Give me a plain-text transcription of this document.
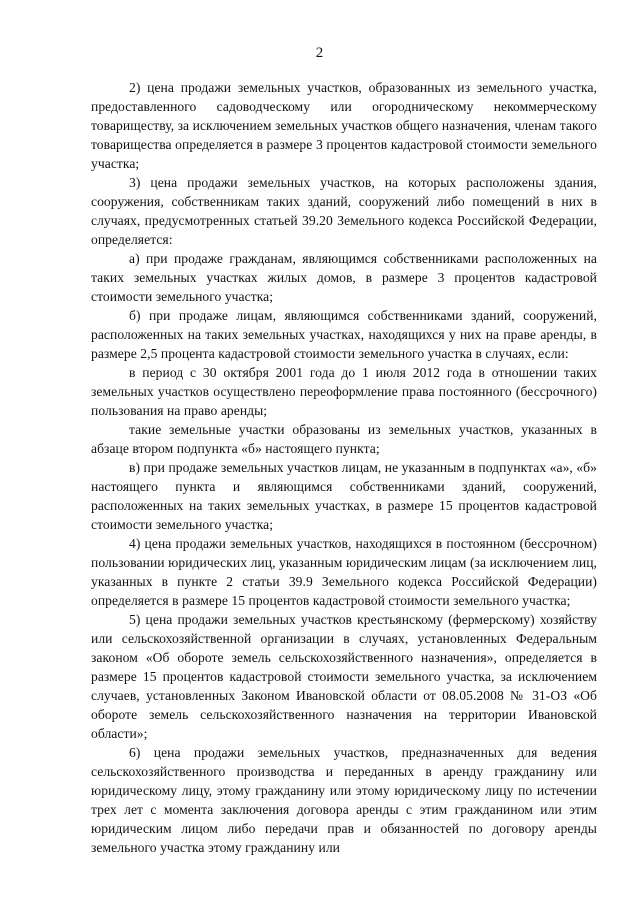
2

2) цена продажи земельных участков, образованных из земельного участка, предоставленного садоводческому или огородническому некоммерческому товариществу, за исключением земельных участков общего назначения, членам такого товарищества определяется в размере 3 процентов кадастровой стоимости земельного участка;

3) цена продажи земельных участков, на которых расположены здания, сооружения, собственникам таких зданий, сооружений либо помещений в них в случаях, предусмотренных статьей 39.20 Земельного кодекса Российской Федерации, определяется:

а) при продаже гражданам, являющимся собственниками расположенных на таких земельных участках жилых домов, в размере 3 процентов кадастровой стоимости земельного участка;

б) при продаже лицам, являющимся собственниками зданий, сооружений, расположенных на таких земельных участках, находящихся у них на праве аренды, в размере 2,5 процента кадастровой стоимости земельного участка в случаях, если:

в период с 30 октября 2001 года до 1 июля 2012 года в отношении таких земельных участков осуществлено переоформление права постоянного (бессрочного) пользования на право аренды;

такие земельные участки образованы из земельных участков, указанных в абзаце втором подпункта «б» настоящего пункта;

в) при продаже земельных участков лицам, не указанным в подпунктах «а», «б» настоящего пункта и являющимся собственниками зданий, сооружений, расположенных на таких земельных участках, в размере 15 процентов кадастровой стоимости земельного участка;

4) цена продажи земельных участков, находящихся в постоянном (бессрочном) пользовании юридических лиц, указанным юридическим лицам (за исключением лиц, указанных в пункте 2 статьи 39.9 Земельного кодекса Российской Федерации) определяется в размере 15 процентов кадастровой стоимости земельного участка;

5) цена продажи земельных участков крестьянскому (фермерскому) хозяйству или сельскохозяйственной организации в случаях, установленных Федеральным законом «Об обороте земель сельскохозяйственного назначения», определяется в размере 15 процентов кадастровой стоимости земельного участка, за исключением случаев, установленных Законом Ивановской области от 08.05.2008 № 31-ОЗ «Об обороте земель сельскохозяйственного назначения на территории Ивановской области»;

6) цена продажи земельных участков, предназначенных для ведения сельскохозяйственного производства и переданных в аренду гражданину или юридическому лицу, этому гражданину или этому юридическому лицу по истечении трех лет с момента заключения договора аренды с этим гражданином или этим юридическим лицом либо передачи прав и обязанностей по договору аренды земельного участка этому гражданину или
